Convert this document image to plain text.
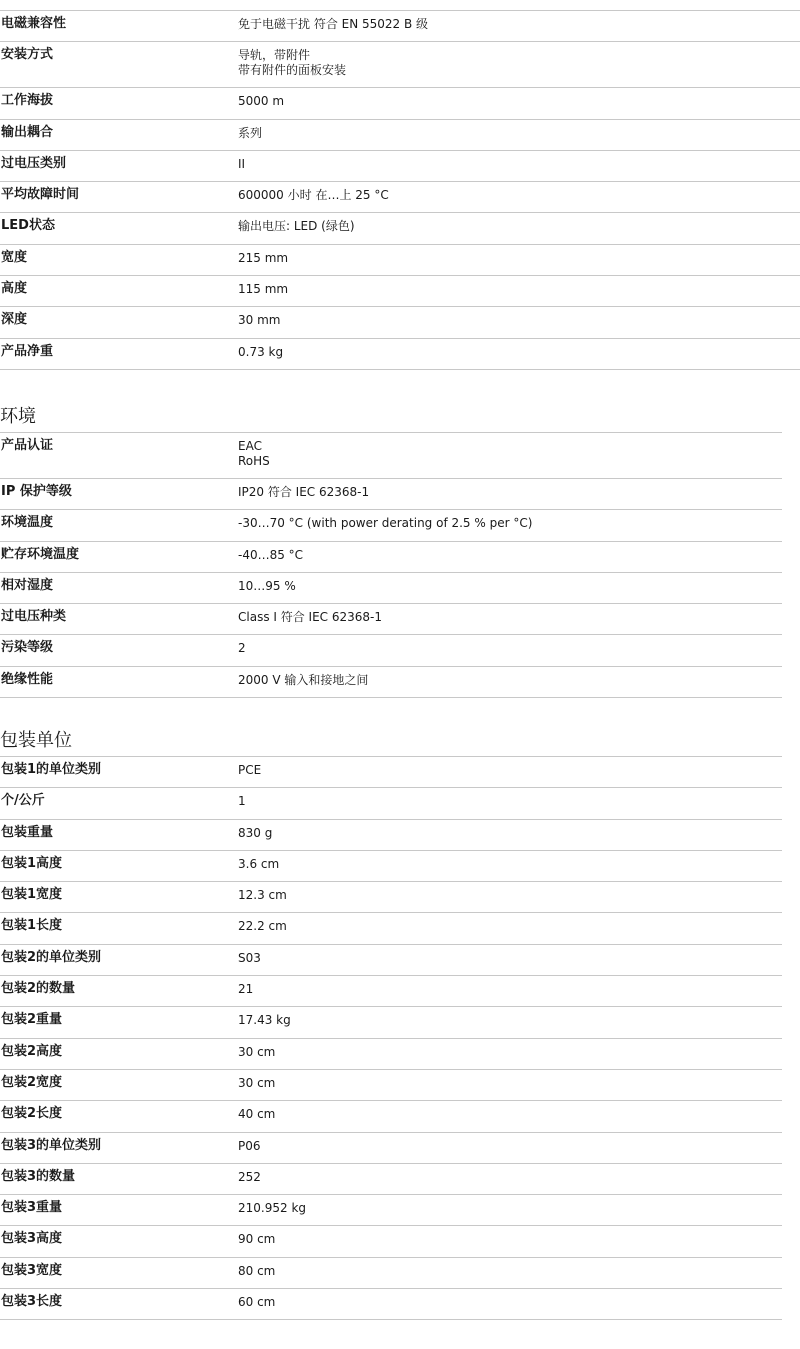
电磁兼容性	免于电磁干扰 符合 EN 55022 B 级
安装方式	导轨，带附件
带有附件的面板安装
工作海拔	5000 m
输出耦合	系列
过电压类别	II
平均故障时间	600000 小时 在…上 25 °C
LED状态	输出电压: LED (绿色)
宽度	215 mm
高度	115 mm
深度	30 mm
产品净重	0.73 kg
环境
产品认证	EAC
RoHS
IP 保护等级	IP20 符合 IEC 62368-1
环境温度	-30…70 °C (with power derating of 2.5 % per °C)
贮存环境温度	-40…85 °C
相对湿度	10…95 %
过电压种类	Class I 符合 IEC 62368-1
污染等级	2
绝缘性能	2000 V 输入和接地之间
包装单位
包装1的单位类别	PCE
个/公斤	1
包装重量	830 g
包装1高度	3.6 cm
包装1宽度	12.3 cm
包装1长度	22.2 cm
包装2的单位类别	S03
包装2的数量	21
包装2重量	17.43 kg
包装2高度	30 cm
包装2宽度	30 cm
包装2长度	40 cm
包装3的单位类别	P06
包装3的数量	252
包装3重量	210.952 kg
包装3高度	90 cm
包装3宽度	80 cm
包装3长度	60 cm
